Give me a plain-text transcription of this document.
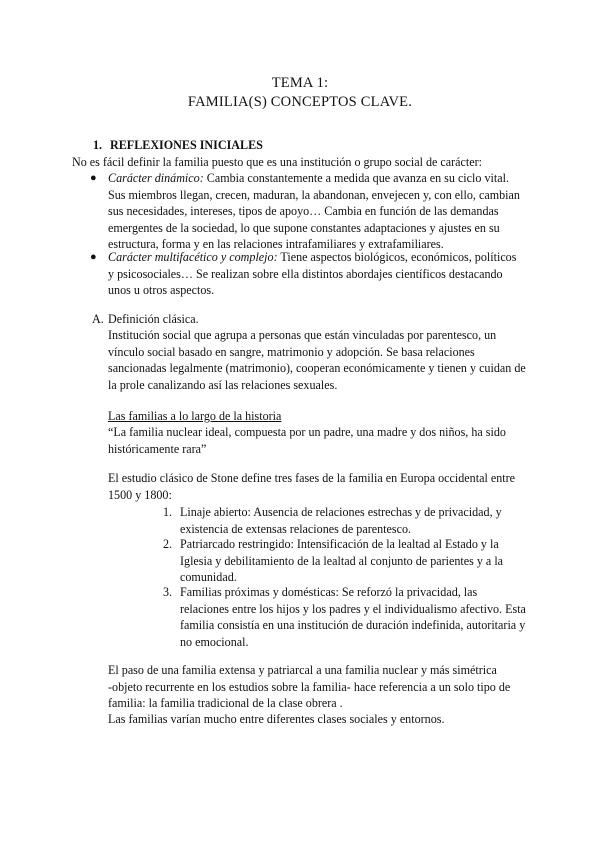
TEMA 1:
FAMILIA(S) CONCEPTOS CLAVE.
1. REFLEXIONES INICIALES
No es fácil definir la familia puesto que es una institución o grupo social de carácter:
● Carácter dinámico: Cambia constantemente a medida que avanza en su ciclo vital.
Sus miembros llegan, crecen, maduran, la abandonan, envejecen y, con ello, cambian
sus necesidades, intereses, tipos de apoyo… Cambia en función de las demandas
emergentes de la sociedad, lo que supone constantes adaptaciones y ajustes en su
estructura, forma y en las relaciones intrafamiliares y extrafamiliares.
● Carácter multifacético y complejo: Tiene aspectos biológicos, económicos, políticos
y psicosociales… Se realizan sobre ella distintos abordajes científicos destacando
unos u otros aspectos.
A. Definición clásica.
Institución social que agrupa a personas que están vinculadas por parentesco, un
vínculo social basado en sangre, matrimonio y adopción. Se basa relaciones
sancionadas legalmente (matrimonio), cooperan económicamente y tienen y cuidan de
la prole canalizando así las relaciones sexuales.
Las familias a lo largo de la historia
“La familia nuclear ideal, compuesta por un padre, una madre y dos niños, ha sido
históricamente rara”
El estudio clásico de Stone define tres fases de la familia en Europa occidental entre
1500 y 1800:
1. Linaje abierto: Ausencia de relaciones estrechas y de privacidad, y
existencia de extensas relaciones de parentesco.
2. Patriarcado restringido: Intensificación de la lealtad al Estado y la
Iglesia y debilitamiento de la lealtad al conjunto de parientes y a la
comunidad.
3. Familias próximas y domésticas: Se reforzó la privacidad, las
relaciones entre los hijos y los padres y el individualismo afectivo. Esta
familia consistía en una institución de duración indefinida, autoritaria y
no emocional.
El paso de una familia extensa y patriarcal a una familia nuclear y más simétrica
-objeto recurrente en los estudios sobre la familia- hace referencia a un solo tipo de
familia: la familia tradicional de la clase obrera .
Las familias varían mucho entre diferentes clases sociales y entornos.
